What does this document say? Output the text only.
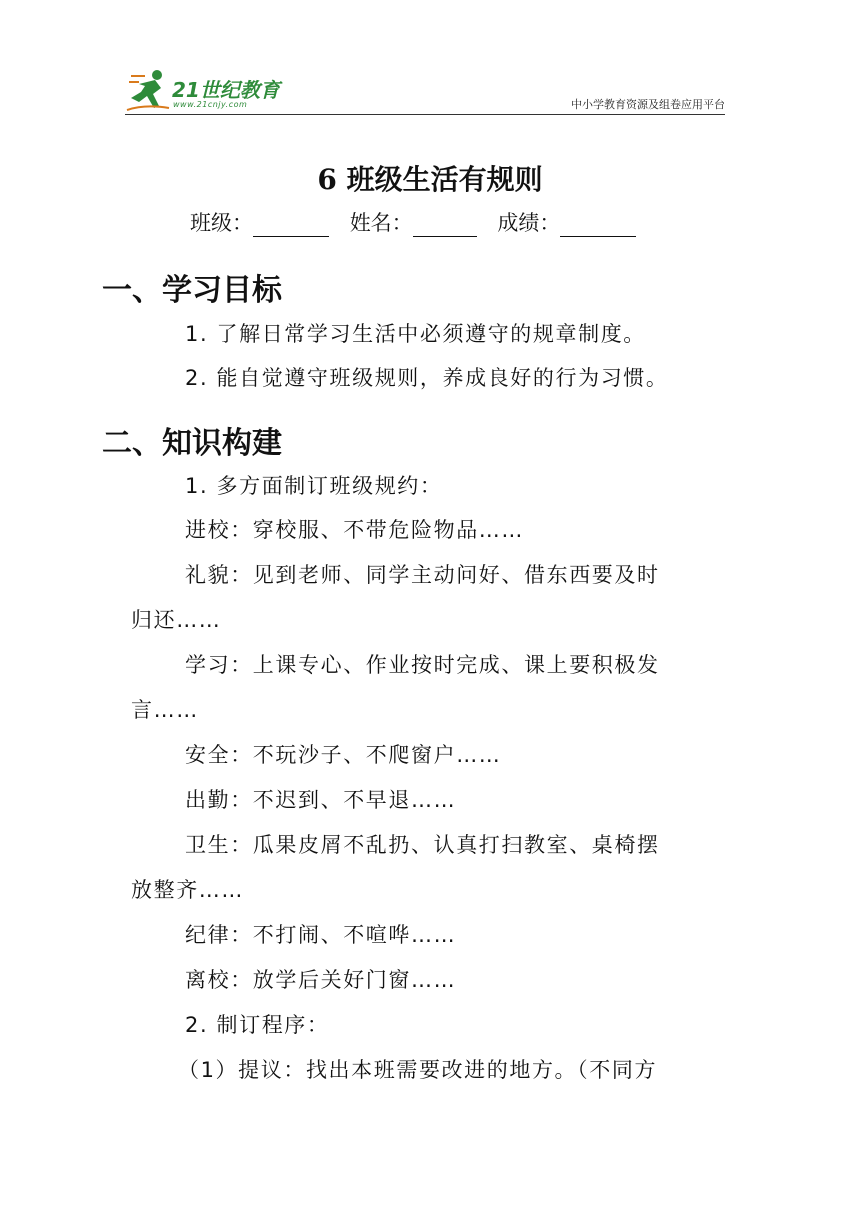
21世纪教育
www.21cnjy.com	中小学教育资源及组卷应用平台
6 班级生活有规则
班级：	姓名：	成绩：
一、学习目标
1. 了解日常学习生活中必须遵守的规章制度。
2. 能自觉遵守班级规则，养成良好的行为习惯。
二、知识构建
1. 多方面制订班级规约：
进校：穿校服、不带危险物品……
礼貌：见到老师、同学主动问好、借东西要及时
归还……
学习：上课专心、作业按时完成、课上要积极发
言……
安全：不玩沙子、不爬窗户……
出勤：不迟到、不早退……
卫生：瓜果皮屑不乱扔、认真打扫教室、桌椅摆
放整齐……
纪律：不打闹、不喧哗……
离校：放学后关好门窗……
2. 制订程序：
（1）提议：找出本班需要改进的地方。（不同方
